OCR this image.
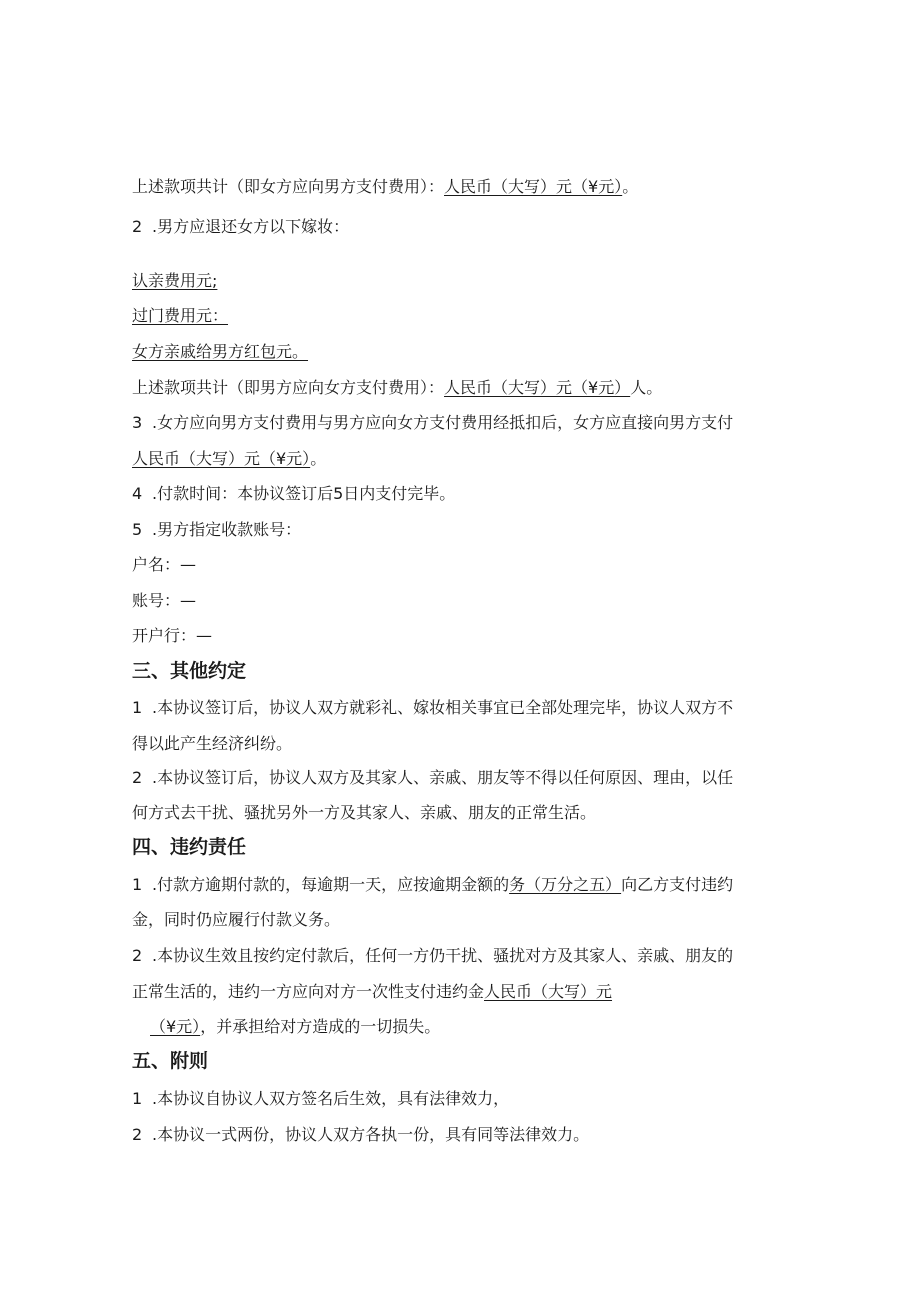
上述款项共计（即女方应向男方支付费用）：人民币（大写）元（¥元）。
2 .男方应退还女方以下嫁妆：
认亲费用元;
过门费用元：
女方亲戚给男方红包元。
上述款项共计（即男方应向女方支付费用）：人民币（大写）元（¥元）人。
3 .女方应向男方支付费用与男方应向女方支付费用经抵扣后，女方应直接向男方支付
人民币（大写）元（¥元）。
4 .付款时间：本协议签订后5日内支付完毕。
5 .男方指定收款账号：
户名：—
账号：—
开户行：—
三、其他约定
1 .本协议签订后，协议人双方就彩礼、嫁妆相关事宜已全部处理完毕，协议人双方不
得以此产生经济纠纷。
2 .本协议签订后，协议人双方及其家人、亲戚、朋友等不得以任何原因、理由，以任
何方式去干扰、骚扰另外一方及其家人、亲戚、朋友的正常生活。
四、违约责任
1 .付款方逾期付款的，每逾期一天，应按逾期金额的务（万分之五）向乙方支付违约
金，同时仍应履行付款义务。
2 .本协议生效且按约定付款后，任何一方仍干扰、骚扰对方及其家人、亲戚、朋友的
正常生活的，违约一方应向对方一次性支付违约金人民币（大写）元
（¥元），并承担给对方造成的一切损失。
五、附则
1 .本协议自协议人双方签名后生效，具有法律效力，
2 .本协议一式两份，协议人双方各执一份，具有同等法律效力。
